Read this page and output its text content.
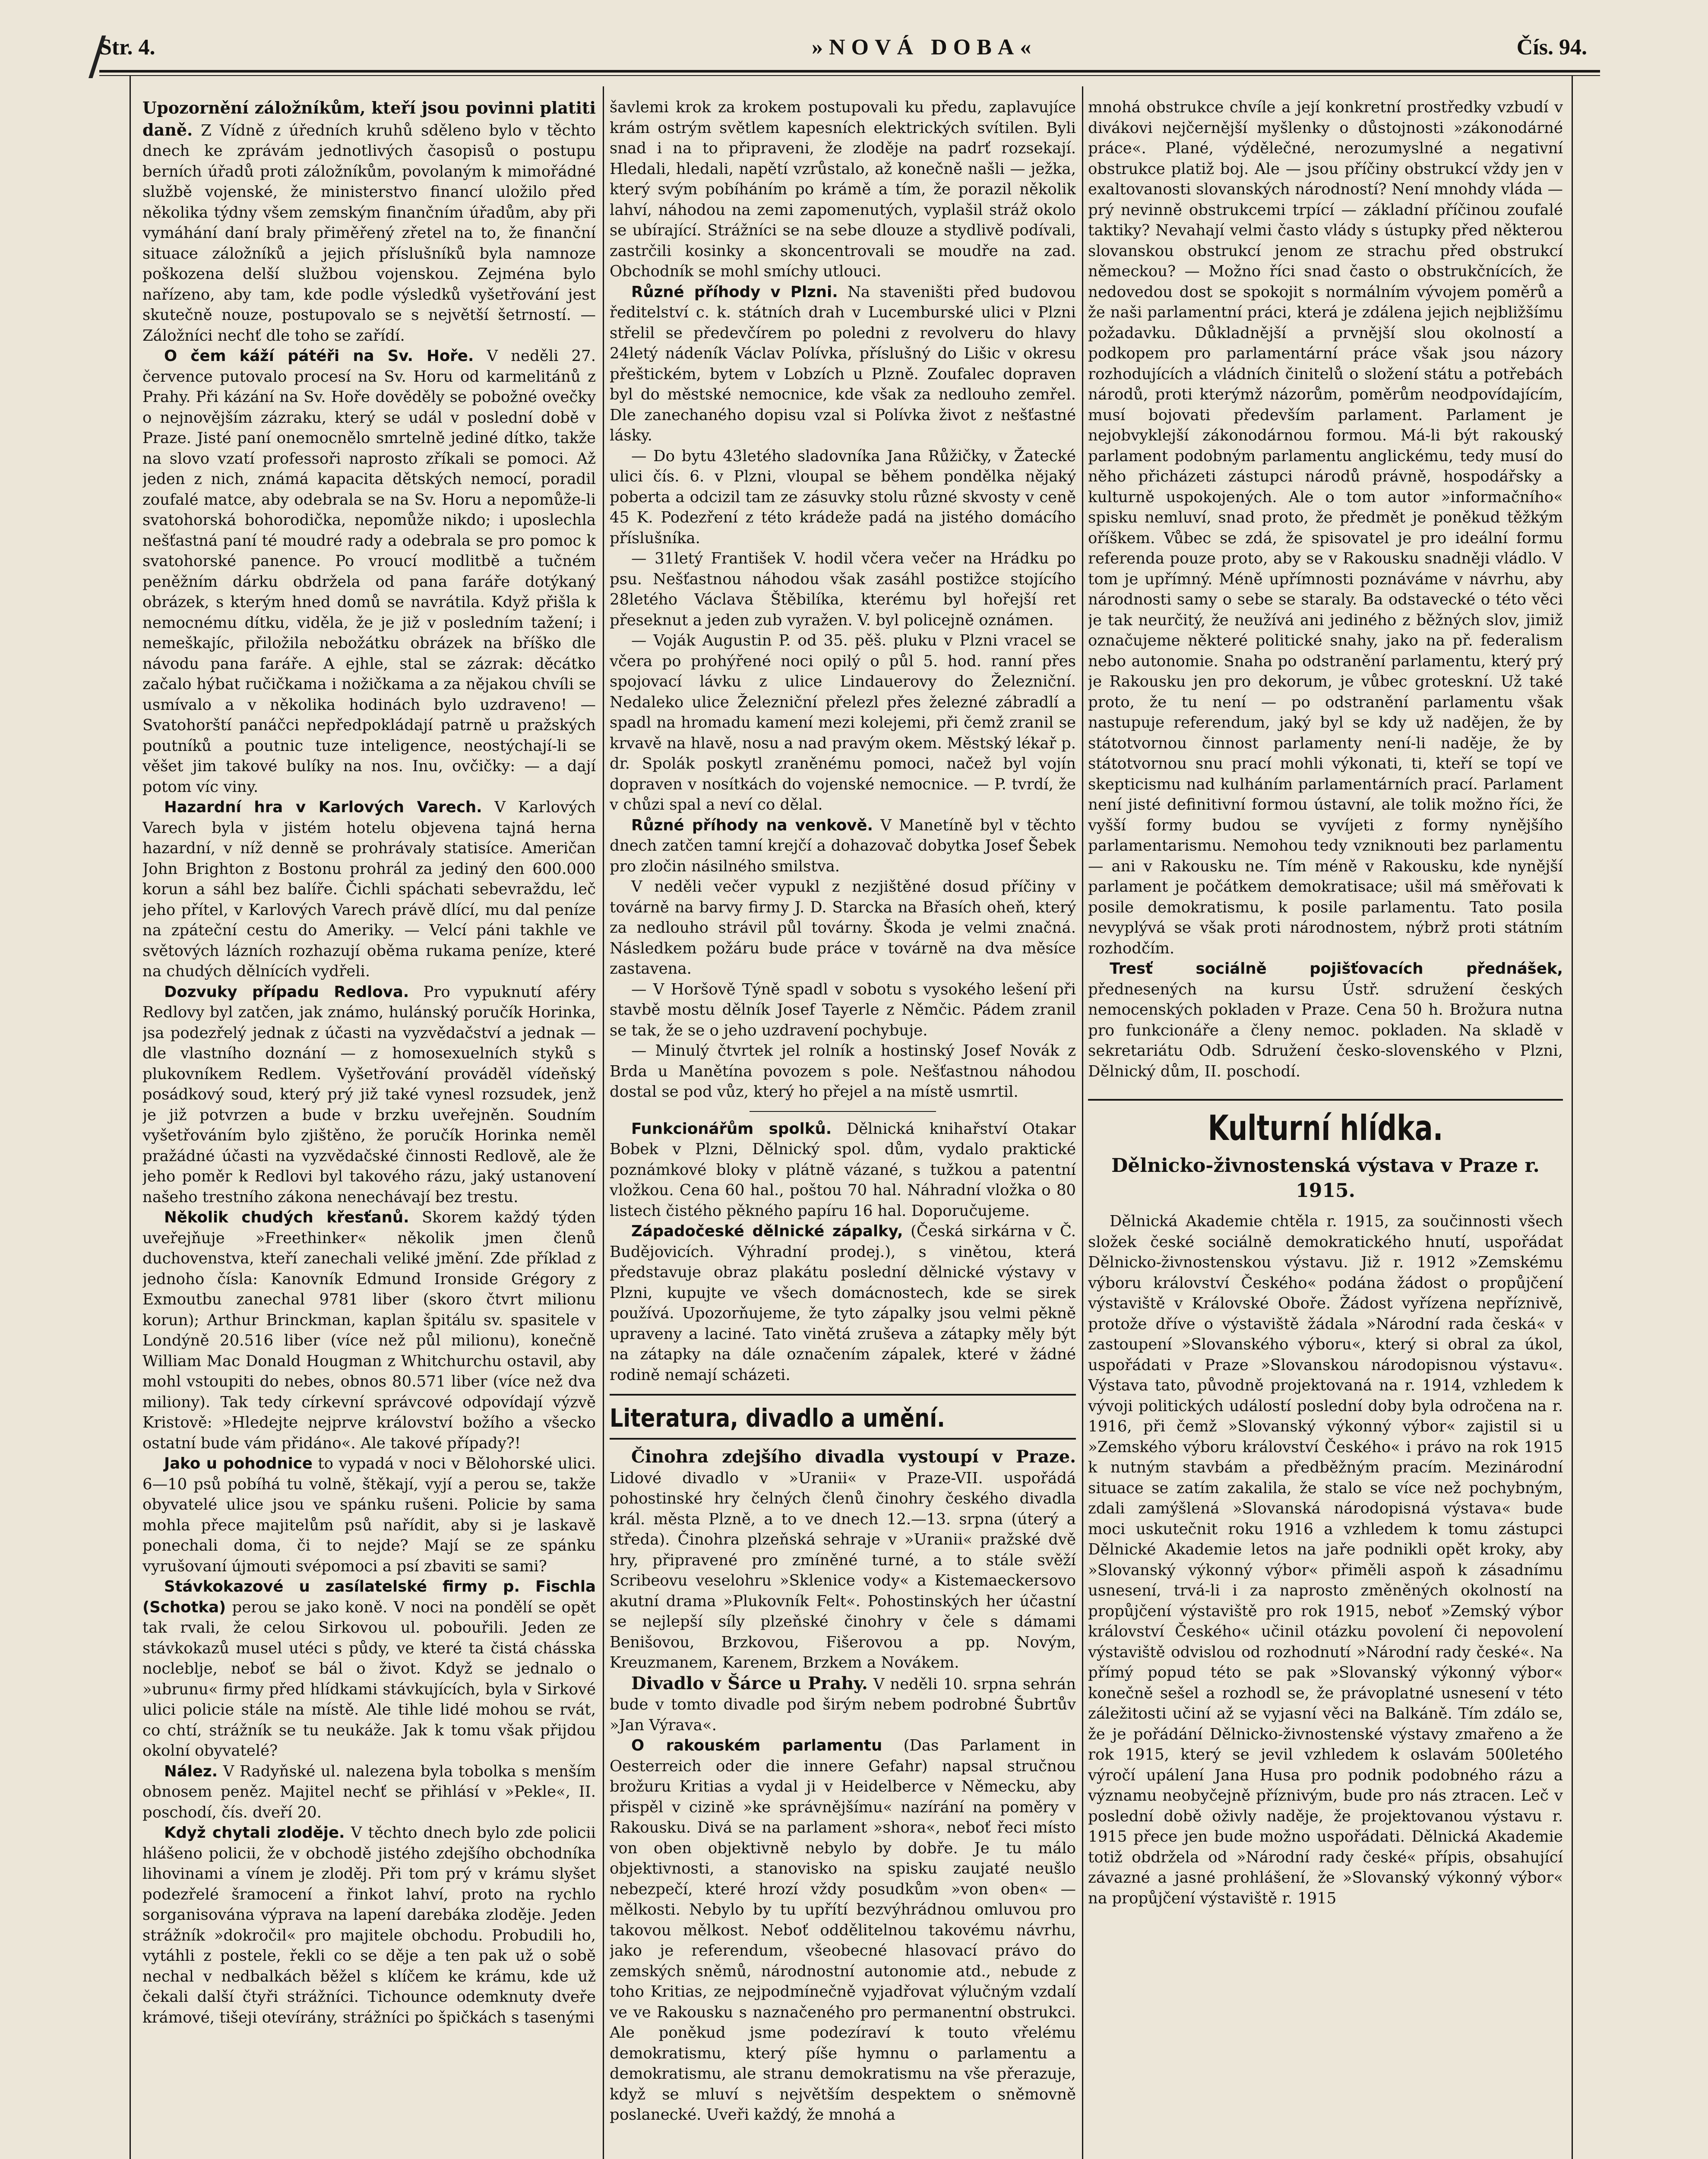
Str. 4.	»NOVÁ DOBA«	Čís. 94.
/

Upozornění záložníkům, kteří jsou povinni platiti daně. Z Vídně z úředních kruhů sděleno bylo v těchto dnech ke zprávám jednotlivých časopisů o postupu berních úřadů proti záložníkům, povolaným k mimořádné službě vojenské, že ministerstvo financí uložilo před několika týdny všem zemským finančním úřadům, aby při vymáhání daní braly přiměřený zřetel na to, že finanční situace záložníků a jejich příslušníků byla namnoze poškozena delší službou vojenskou. Zejména bylo nařízeno, aby tam, kde podle výsledků vyšetřování jest skutečně nouze, postupovalo se s největší šetrností. — Záložníci nechť dle toho se zařídí.

O čem káží pátéři na Sv. Hoře. V neděli 27. července putovalo procesí na Sv. Horu od karmelitánů z Prahy. Při kázání na Sv. Hoře dověděly se pobožné ovečky o nejnovějším zázraku, který se udál v poslední době v Praze. Jisté paní onemocnělo smrtelně jediné dítko, takže na slovo vzatí professoři naprosto zříkali se pomoci. Až jeden z nich, známá kapacita dětských nemocí, poradil zoufalé matce, aby odebrala se na Sv. Horu a nepomůže-li svatohorská bohorodička, nepomůže nikdo; i uposlechla nešťastná paní té moudré rady a odebrala se pro pomoc k svatohorské panence. Po vroucí modlitbě a tučném peněžním dárku obdržela od pana faráře dotýkaný obrázek, s kterým hned domů se navrátila. Když přišla k nemocnému dítku, viděla, že je již v posledním tažení; i nemeškajíc, přiložila nebožátku obrázek na bříško dle návodu pana faráře. A ejhle, stal se zázrak: děcátko začalo hýbat ručičkama i nožičkama a za nějakou chvíli se usmívalo a v několika hodinách bylo uzdraveno! — Svatohorští panáčci nepředpokládají patrně u pražských poutníků a poutnic tuze inteligence, neostýchají-li se věšet jim takové bulíky na nos. Inu, ovčičky: — a dají potom víc viny.

Hazardní hra v Karlových Varech. V Karlových Varech byla v jistém hotelu objevena tajná herna hazardní, v níž denně se prohrávaly statisíce. Američan John Brighton z Bostonu prohrál za jediný den 600.000 korun a sáhl bez balíře. Čichli spáchati sebevraždu, leč jeho přítel, v Karlových Varech právě dlící, mu dal peníze na zpáteční cestu do Ameriky. — Velcí páni takhle ve světových lázních rozhazují oběma rukama peníze, které na chudých dělnících vydřeli.

Dozvuky případu Redlova. Pro vypuknutí aféry Redlovy byl zatčen, jak známo, hulánský poručík Horinka, jsa podezřelý jednak z účasti na vyzvědačství a jednak — dle vlastního doznání — z homosexuelních styků s plukovníkem Redlem. Vyšetřování prováděl vídeňský posádkový soud, který prý již také vynesl rozsudek, jenž je již potvrzen a bude v brzku uveřejněn. Soudním vyšetřováním bylo zjištěno, že poručík Horinka neměl pražádné účasti na vyzvědačské činnosti Redlově, ale že jeho poměr k Redlovi byl takového rázu, jaký ustanovení našeho trestního zákona nenechávají bez trestu.

Několik chudých křesťanů. Skorem každý týden uveřejňuje »Freethinker« několik jmen členů duchovenstva, kteří zanechali veliké jmění. Zde příklad z jednoho čísla: Kanovník Edmund Ironside Grégory z Exmoutbu zanechal 9781 liber (skoro čtvrt milionu korun); Arthur Brinckman, kaplan špitálu sv. spasitele v Londýně 20.516 liber (více než půl milionu), konečně William Mac Donald Hougman z Whitchurchu ostavil, aby mohl vstoupiti do nebes, obnos 80.571 liber (více než dva miliony). Tak tedy církevní správcové odpovídají výzvě Kristově: »Hledejte nejprve království božího a všecko ostatní bude vám přidáno«. Ale takové případy?!

Jako u pohodnice to vypadá v noci v Bělohorské ulici. 6—10 psů pobíhá tu volně, štěkají, vyjí a perou se, takže obyvatelé ulice jsou ve spánku rušeni. Policie by sama mohla přece majitelům psů nařídit, aby si je laskavě ponechali doma, či to nejde? Mají se ze spánku vyrušovaní újmouti svépomoci a psí zbaviti se sami?

Stávkokazové u zasílatelské firmy p. Fischla (Schotka) perou se jako koně. V noci na pondělí se opět tak rvali, že celou Sirkovou ul. pobouřili. Jeden ze stávkokazů musel utéci s půdy, ve které ta čistá chásska nocleblje, neboť se bál o život. Když se jednalo o »ubrunu« firmy před hlídkami stávkujících, byla v Sirkové ulici policie stále na místě. Ale tihle lidé mohou se rvát, co chtí, strážník se tu neukáže. Jak k tomu však přijdou okolní obyvatelé?

Nález. V Radyňské ul. nalezena byla tobolka s menším obnosem peněz. Majitel nechť se přihlásí v »Pekle«, II. poschodí, čís. dveří 20.

Když chytali zloděje. V těchto dnech bylo zde policii hlášeno policii, že v obchodě jistého zdejšího obchodníka lihovinami a vínem je zloděj. Při tom prý v krámu slyšet podezřelé šramocení a řinkot lahví, proto na rychlo sorganisována výprava na lapení darebáka zloděje. Jeden strážník »dokročil« pro majitele obchodu. Probudili ho, vytáhli z postele, řekli co se děje a ten pak už o sobě nechal v nedbalkách běžel s klíčem ke krámu, kde už čekali další čtyři strážníci. Tichounce odemknuty dveře krámové, tišeji otevírány, strážníci po špičkách s tasenými

šavlemi krok za krokem postupovali ku předu, zaplavujíce krám ostrým světlem kapesních elektrických svítilen. Byli snad i na to připraveni, že zloděje na padrť rozsekají. Hledali, hledali, napětí vzrůstalo, až konečně našli — ježka, který svým pobíháním po krámě a tím, že porazil několik lahví, náhodou na zemi zapomenutých, vyplašil stráž okolo se ubírající. Strážníci se na sebe dlouze a stydlivě podívali, zastrčili kosinky a skoncentrovali se moudře na zad. Obchodník se mohl smíchy utlouci.

Různé příhody v Plzni. Na staveništi před budovou ředitelství c. k. státních drah v Lucemburské ulici v Plzni střelil se předevčírem po poledni z revolveru do hlavy 24letý nádeník Václav Polívka, příslušný do Lišic v okresu přeštickém, bytem v Lobzích u Plzně. Zoufalec dopraven byl do městské nemocnice, kde však za nedlouho zemřel. Dle zanechaného dopisu vzal si Polívka život z nešťastné lásky.

— Do bytu 43letého sladovníka Jana Růžičky, v Žatecké ulici čís. 6. v Plzni, vloupal se během pondělka nějaký poberta a odcizil tam ze zásuvky stolu různé skvosty v ceně 45 K. Podezření z této krádeže padá na jistého domácího příslušníka.

— 31letý František V. hodil včera večer na Hrádku po psu. Nešťastnou náhodou však zasáhl postižce stojícího 28letého Václava Štěbilíka, kterému byl hořejší ret přeseknut a jeden zub vyražen. V. byl policejně oznámen.

— Voják Augustin P. od 35. pěš. pluku v Plzni vracel se včera po prohýřené noci opilý o půl 5. hod. ranní přes spojovací lávku z ulice Lindauerovy do Železniční. Nedaleko ulice Železniční přelezl přes železné zábradlí a spadl na hromadu kamení mezi kolejemi, při čemž zranil se krvavě na hlavě, nosu a nad pravým okem. Městský lékař p. dr. Spolák poskytl zraněnému pomoci, načež byl vojín dopraven v nosítkách do vojenské nemocnice. — P. tvrdí, že v chůzi spal a neví co dělal.

Různé příhody na venkově. V Manetíně byl v těchto dnech zatčen tamní krejčí a dohazovač dobytka Josef Šebek pro zločin násilného smilstva.

V neděli večer vypukl z nezjištěné dosud příčiny v továrně na barvy firmy J. D. Starcka na Břasích oheň, který za nedlouho strávil půl továrny. Škoda je velmi značná. Následkem požáru bude práce v továrně na dva měsíce zastavena.

— V Horšově Týně spadl v sobotu s vysokého lešení při stavbě mostu dělník Josef Tayerle z Němčic. Pádem zranil se tak, že se o jeho uzdravení pochybuje.

— Minulý čtvrtek jel rolník a hostinský Josef Novák z Brda u Manětína povozem s pole. Nešťastnou náhodou dostal se pod vůz, který ho přejel a na místě usmrtil.

Funkcionářům spolků. Dělnická knihařství Otakar Bobek v Plzni, Dělnický spol. dům, vydalo praktické poznámkové bloky v plátně vázané, s tužkou a patentní vložkou. Cena 60 hal., poštou 70 hal. Náhradní vložka o 80 listech čistého pěkného papíru 16 hal. Doporučujeme.

Západočeské dělnické zápalky, (Česká sirkárna v Č. Budějovicích. Výhradní prodej.), s vinětou, která představuje obraz plakátu poslední dělnické výstavy v Plzni, kupujte ve všech domácnostech, kde se sirek používá. Upozorňujeme, že tyto zápalky jsou velmi pěkně upraveny a laciné. Tato vinětá zruševa a zátapky měly být na zátapky na dále označením zápalek, které v žádné rodině nemají scházeti.

Literatura, divadlo a umění.

Činohra zdejšího divadla vystoupí v Praze. Lidové divadlo v »Uranii« v Praze-VII. uspořádá pohostinské hry čelných členů činohry českého divadla král. města Plzně, a to ve dnech 12.—13. srpna (úterý a středa). Činohra plzeňská sehraje v »Uranii« pražské dvě hry, připravené pro zmíněné turné, a to stále svěží Scribeovu veselohru »Sklenice vody« a Kistemaeckersovo akutní drama »Plukovník Felt«. Pohostinských her účastní se nejlepší síly plzeňské činohry v čele s dámami Benišovou, Brzkovou, Fišerovou a pp. Novým, Kreuzmanem, Karenem, Brzkem a Novákem.

Divadlo v Šárce u Prahy. V neděli 10. srpna sehrán bude v tomto divadle pod širým nebem podrobné Šubrtův »Jan Výrava«.

O rakouském parlamentu (Das Parlament in Oesterreich oder die innere Gefahr) napsal stručnou brožuru Kritias a vydal ji v Heidelberce v Německu, aby přispěl v cizině »ke správnějšímu« nazírání na poměry v Rakousku. Divá se na parlament »shora«, neboť řeci místo von oben objektivně nebylo by dobře. Je tu málo objektivnosti, a stanovisko na spisku zaujaté neušlo nebezpečí, které hrozí vždy posudkům »von oben« — mělkosti. Nebylo by tu upřítí bezvýhrádnou omluvou pro takovou mělkost. Neboť oddělitelnou takovému návrhu, jako je referendum, všeobecné hlasovací právo do zemských sněmů, národnostní autonomie atd., nebude z toho Kritias, ze nejpodmínečně vyjadřovat výlučným vzdalí ve ve Rakousku s naznačeného pro permanentní obstrukci. Ale poněkud jsme podezíraví k touto vřelému demokratismu, který píše hymnu o parlamentu a demokratismu, ale stranu demokratismu na vše přerazuje, když se mluví s největším despektem o sněmovně poslanecké. Uveři každý, že mnohá a

mnohá obstrukce chvíle a její konkretní prostředky vzbudí v divákovi nejčernější myšlenky o důstojnosti »zákonodárné práce«. Plané, výdělečné, nerozumyslné a negativní obstrukce platiž boj. Ale — jsou příčiny obstrukcí vždy jen v exaltovanosti slovanských národností? Není mnohdy vláda — prý nevinně obstrukcemi trpící — základní příčinou zoufalé taktiky? Nevahají velmi často vlády s ústupky před některou slovanskou obstrukcí jenom ze strachu před obstrukcí německou? — Možno říci snad často o obstrukčnících, že nedovedou dost se spokojit s normálním vývojem poměrů a že naši parlamentní práci, která je zdálena jejich nejbližšímu požadavku. Důkladnější a prvnější slou okolností a podkopem pro parlamentární práce však jsou názory rozhodujících a vládních činitelů o složení státu a potřebách národů, proti kterýmž názorům, poměrům neodpovídajícím, musí bojovati především parlament. Parlament je nejobvyklejší zákonodárnou formou. Má-li být rakouský parlament podobným parlamentu anglickému, tedy musí do něho přicházeti zástupci národů právně, hospodářsky a kulturně uspokojených. Ale o tom autor »informačního« spisku nemluví, snad proto, že předmět je poněkud těžkým oříškem. Vůbec se zdá, že spisovatel je pro ideální formu referenda pouze proto, aby se v Rakousku snadněji vládlo. V tom je upřímný. Méně upřímnosti poznáváme v návrhu, aby národnosti samy o sebe se staraly. Ba odstavecké o této věci je tak neurčitý, že neužívá ani jediného z běžných slov, jimiž označujeme některé politické snahy, jako na př. federalism nebo autonomie. Snaha po odstranění parlamentu, který prý je Rakousku jen pro dekorum, je vůbec groteskní. Už také proto, že tu není — po odstranění parlamentu však nastupuje referendum, jaký byl se kdy už nadějen, že by státotvornou činnost parlamenty není-li naděje, že by státotvornou snu prací mohli výkonati, ti, kteří se topí ve skepticismu nad kulháním parlamentárních prací. Parlament není jisté definitivní formou ústavní, ale tolik možno říci, že vyšší formy budou se vyvíjeti z formy nynějšího parlamentarismu. Nemohou tedy vzniknouti bez parlamentu — ani v Rakousku ne. Tím méně v Rakousku, kde nynější parlament je počátkem demokratisace; ušil má směřovati k posile demokratismu, k posile parlamentu. Tato posila nevyplývá se však proti národnostem, nýbrž proti státním rozhodčím.

Tresť sociálně pojišťovacích přednášek, přednesených na kursu Ústř. sdružení českých nemocenských pokladen v Praze. Cena 50 h. Brožura nutna pro funkcionáře a členy nemoc. pokladen. Na skladě v sekretariátu Odb. Sdružení česko-slovenského v Plzni, Dělnický dům, II. poschodí.

Kulturní hlídka.
Dělnicko-živnostenská výstava v Praze r. 1915.

Dělnická Akademie chtěla r. 1915, za součinnosti všech složek české sociálně demokratického hnutí, uspořádat Dělnicko-živnostenskou výstavu. Již r. 1912 »Zemskému výboru království Českého« podána žádost o propůjčení výstaviště v Královské Oboře. Žádost vyřízena nepříznivě, protože dříve o výstaviště žádala »Národní rada česká« v zastoupení »Slovanského výboru«, který si obral za úkol, uspořádati v Praze »Slovanskou národopisnou výstavu«. Výstava tato, původně projektovaná na r. 1914, vzhledem k vývoji politických událostí poslední doby byla odročena na r. 1916, při čemž »Slovanský výkonný výbor« zajistil si u »Zemského výboru království Českého« i právo na rok 1915 k nutným stavbám a předběžným pracím. Mezinárodní situace se zatím zakalila, že stalo se více než pochybným, zdali zamýšlená »Slovanská národopisná výstava« bude moci uskutečnit roku 1916 a vzhledem k tomu zástupci Dělnické Akademie letos na jaře podnikli opět kroky, aby »Slovanský výkonný výbor« přiměli aspoň k zásadnímu usnesení, trvá-li i za naprosto změněných okolností na propůjčení výstaviště pro rok 1915, neboť »Zemský výbor království Českého« učinil otázku povolení či nepovolení výstaviště odvislou od rozhodnutí »Národní rady české«. Na přímý popud této se pak »Slovanský výkonný výbor« konečně sešel a rozhodl se, že právoplatné usnesení v této záležitosti učiní až se vyjasní věci na Balkáně. Tím zdálo se, že je pořádání Dělnicko-živnostenské výstavy zmařeno a že rok 1915, který se jevil vzhledem k oslavám 500letého výročí upálení Jana Husa pro podnik podobného rázu a významu neobyčejně příznivým, bude pro nás ztracen. Leč v poslední době oživly naděje, že projektovanou výstavu r. 1915 přece jen bude možno uspořádati. Dělnická Akademie totiž obdržela od »Národní rady české« přípis, obsahující závazné a jasné prohlášení, že »Slovanský výkonný výbor« na propůjčení výstaviště r. 1915
